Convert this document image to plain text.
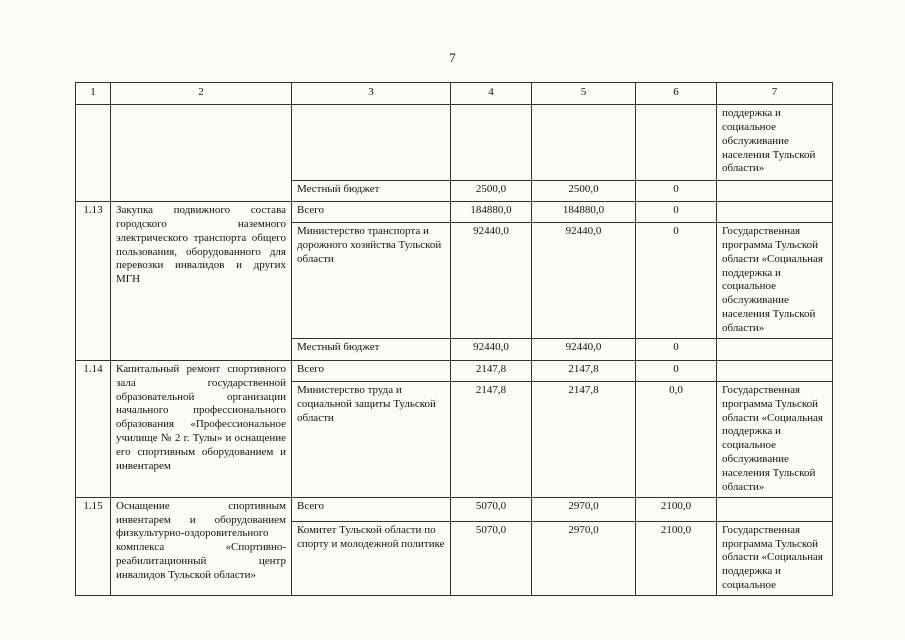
7
1	2	3	4	5	6	7
						поддержка и социальное обслуживание населения Тульской области»
		Местный бюджет	2500,0	2500,0	0	
1.13	Закупка подвижного состава городского наземного электрического транспорта общего пользования, оборудованного для перевозки инвалидов и других МГН	Всего	184880,0	184880,0	0	
		Министерство транспорта и дорожного хозяйства Тульской области	92440,0	92440,0	0	Государственная программа Тульской области «Социальная поддержка и социальное обслуживание населения Тульской области»
		Местный бюджет	92440,0	92440,0	0	
1.14	Капитальный ремонт спортивного зала государственной образовательной организации начального профессионального образования «Профессиональное училище № 2 г. Тулы» и оснащение его спортивным оборудованием и инвентарем	Всего	2147,8	2147,8	0	
		Министерство труда и социальной защиты Тульской области	2147,8	2147,8	0,0	Государственная программа Тульской области «Социальная поддержка и социальное обслуживание населения Тульской области»
1.15	Оснащение спортивным инвентарем и оборудованием физкультурно-оздоровительного комплекса «Спортивно-реабилитационный центр инвалидов Тульской области»	Всего	5070,0	2970,0	2100,0	
		Комитет Тульской области по спорту и молодежной политике	5070,0	2970,0	2100,0	Государственная программа Тульской области «Социальная поддержка и социальное
